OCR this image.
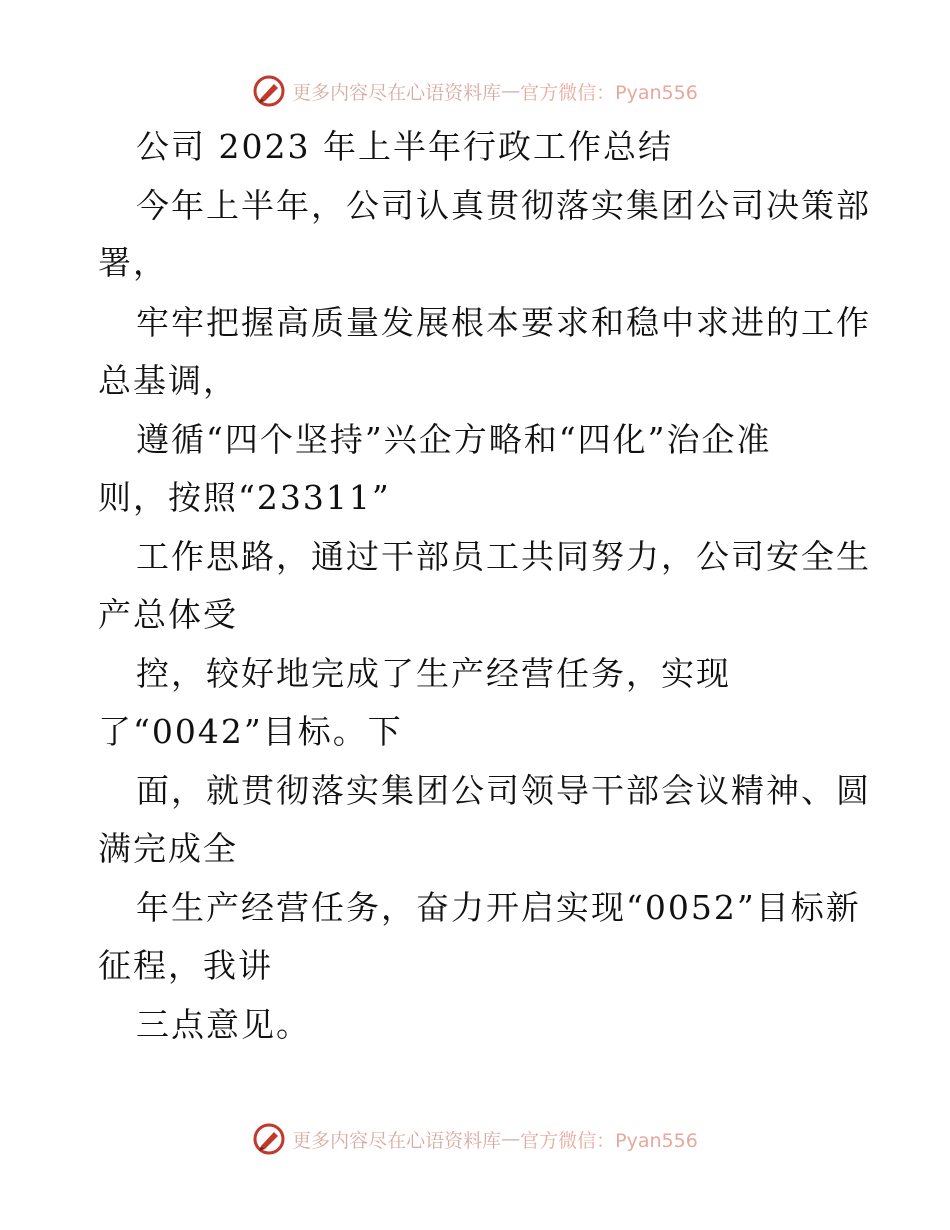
更多内容尽在心语资料库 — 官方微信：Pyan556
公司 2023 年上半年行政工作总结
今年上半年，公司认真贯彻落实集团公司决策部
署，
牢牢把握高质量发展根本要求和稳中求进的工作
总基调，
遵循“四个坚持”兴企方略和“四化”治企准
则，按照“23311”
工作思路，通过干部员工共同努力，公司安全生
产总体受
控，较好地完成了生产经营任务，实现
了“0042”目标。下
面，就贯彻落实集团公司领导干部会议精神、圆
满完成全
年生产经营任务，奋力开启实现“0052”目标新
征程，我讲
三点意见。
更多内容尽在心语资料库 — 官方微信：Pyan556
